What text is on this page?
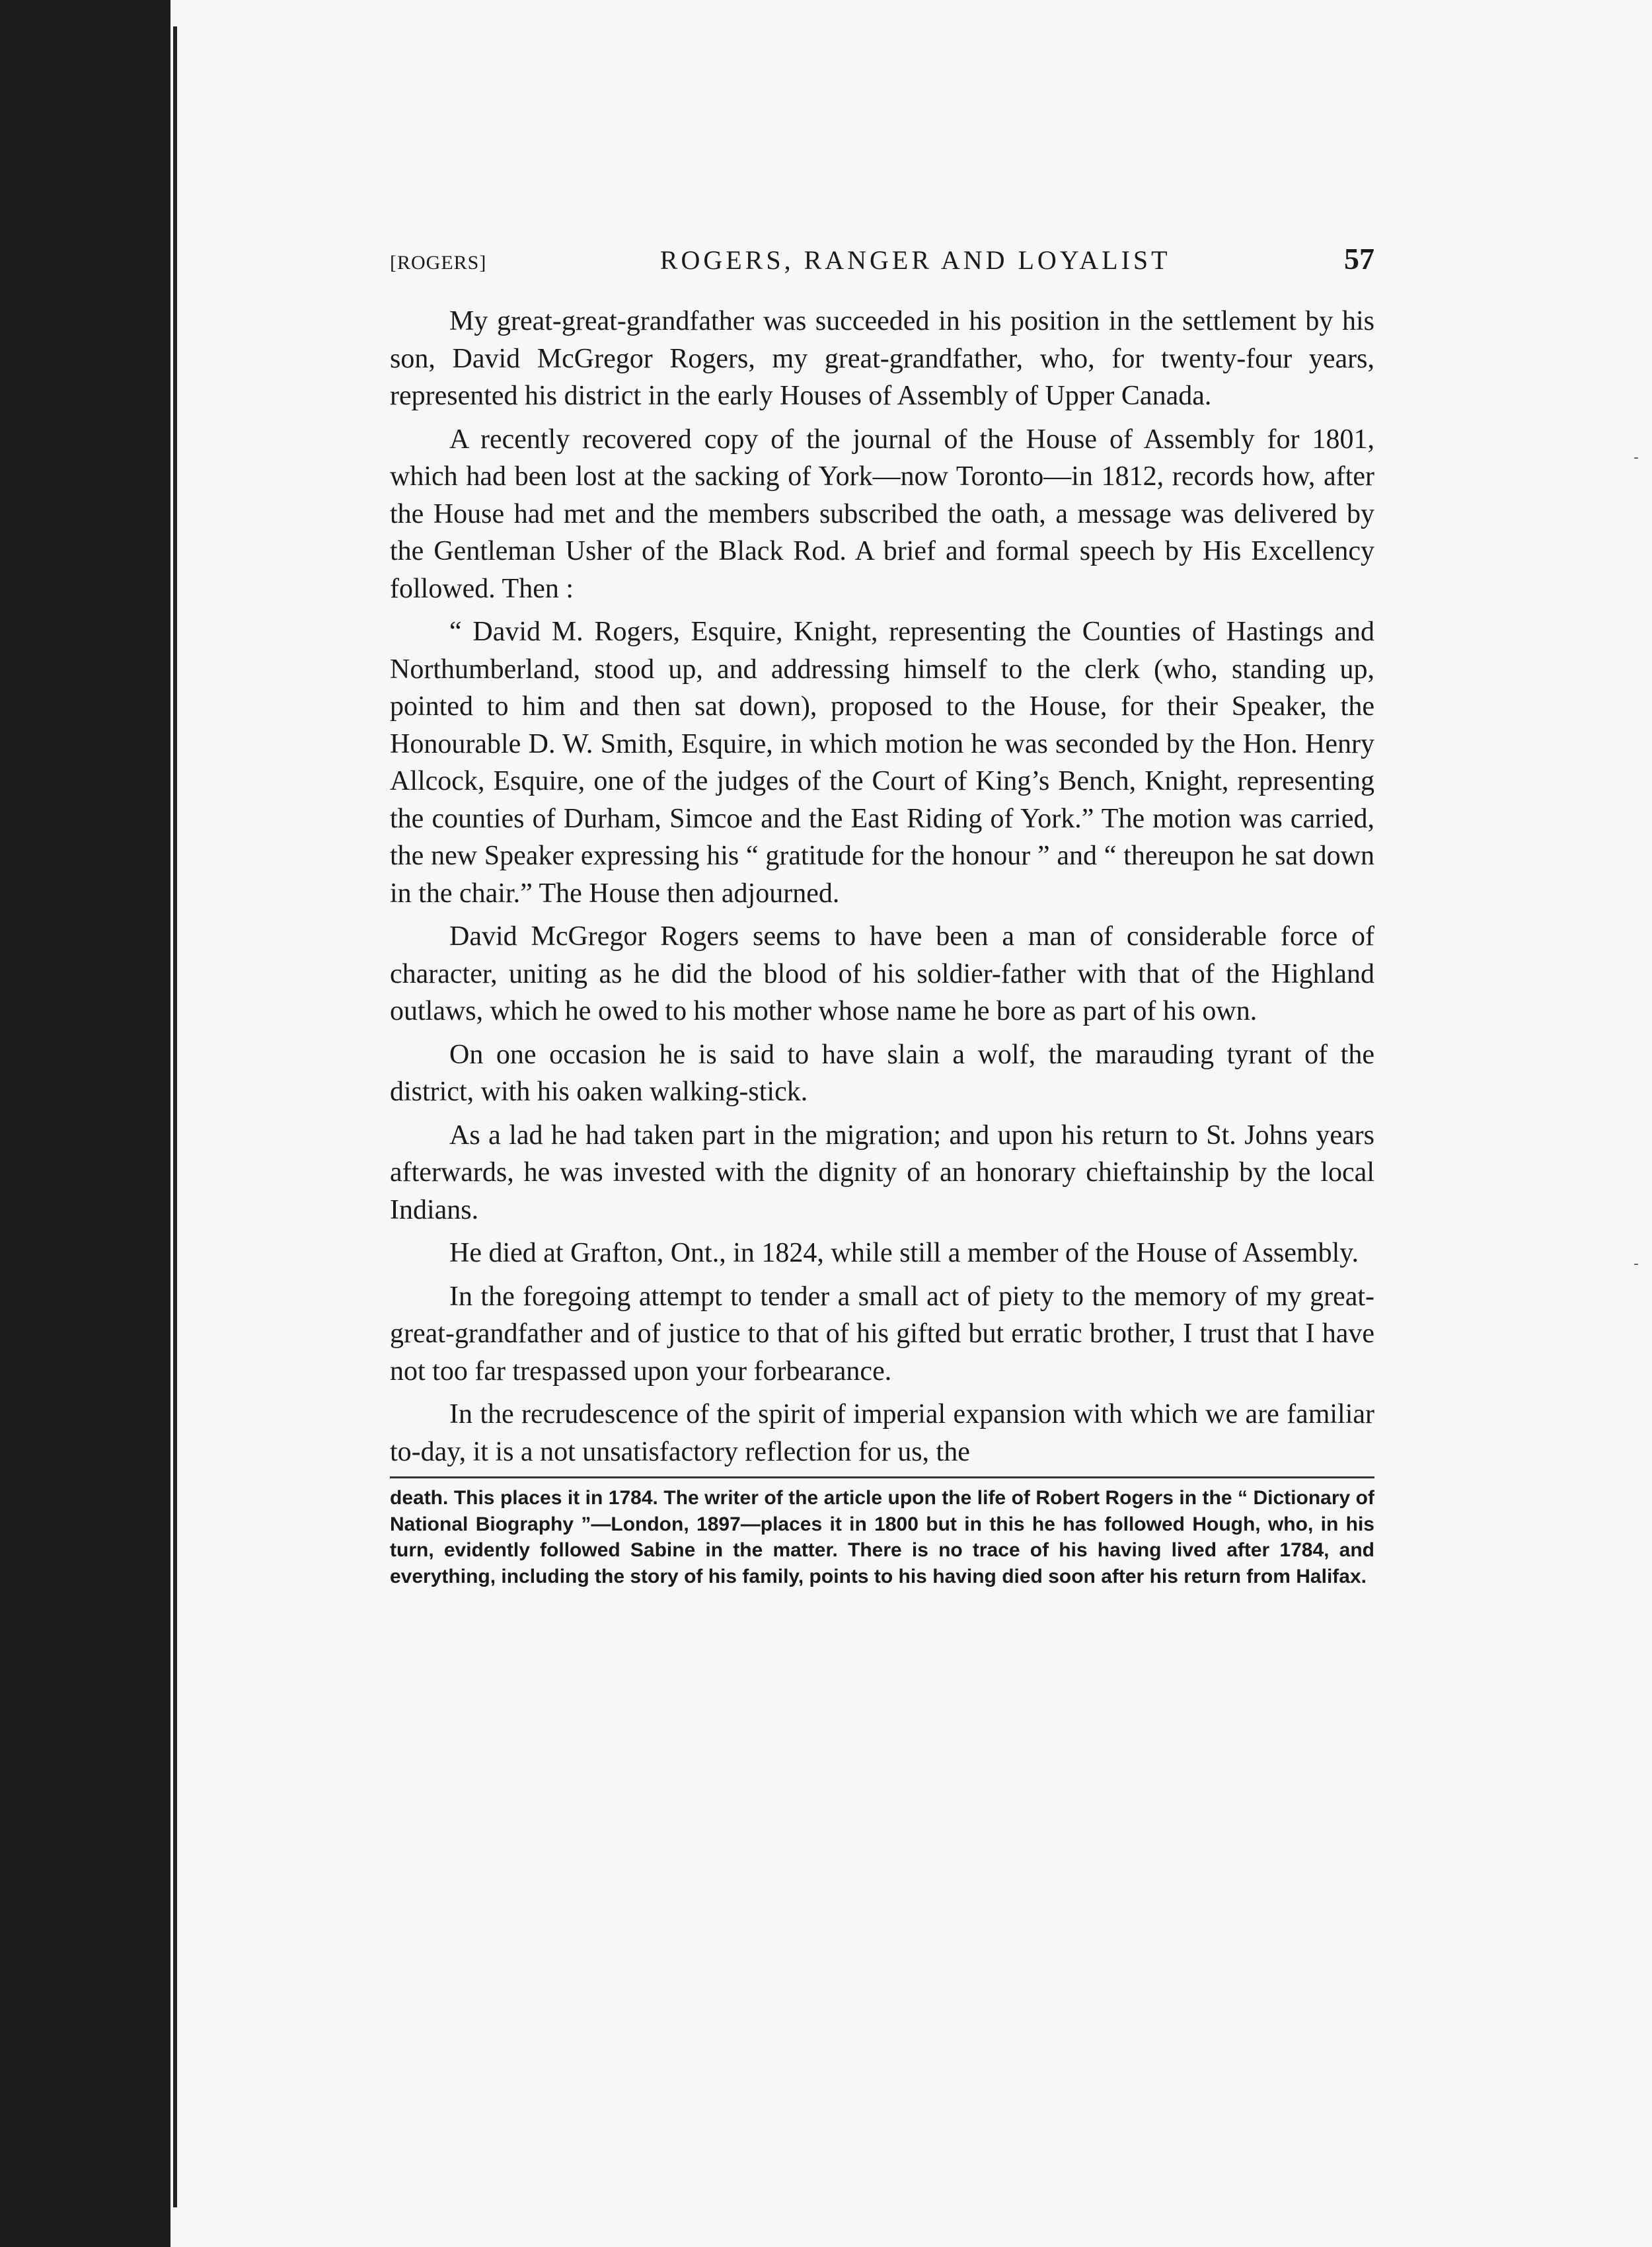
-
-
[ROGERS]	ROGERS, RANGER AND LOYALIST	57

My great-great-grandfather was succeeded in his position in the settlement by his son, David McGregor Rogers, my great-grandfather, who, for twenty-four years, represented his district in the early Houses of Assembly of Upper Canada.

A recently recovered copy of the journal of the House of Assembly for 1801, which had been lost at the sacking of York—now Toronto—in 1812, records how, after the House had met and the members subscribed the oath, a message was delivered by the Gentleman Usher of the Black Rod. A brief and formal speech by His Excellency followed. Then :

“ David M. Rogers, Esquire, Knight, representing the Counties of Hastings and Northumberland, stood up, and addressing himself to the clerk (who, standing up, pointed to him and then sat down), proposed to the House, for their Speaker, the Honourable D. W. Smith, Esquire, in which motion he was seconded by the Hon. Henry Allcock, Esquire, one of the judges of the Court of King’s Bench, Knight, representing the counties of Durham, Simcoe and the East Riding of York.” The motion was carried, the new Speaker expressing his “ gratitude for the honour ” and “ thereupon he sat down in the chair.” The House then adjourned.

David McGregor Rogers seems to have been a man of considerable force of character, uniting as he did the blood of his soldier-father with that of the Highland outlaws, which he owed to his mother whose name he bore as part of his own.

On one occasion he is said to have slain a wolf, the marauding tyrant of the district, with his oaken walking-stick.

As a lad he had taken part in the migration; and upon his return to St. Johns years afterwards, he was invested with the dignity of an honorary chieftainship by the local Indians.

He died at Grafton, Ont., in 1824, while still a member of the House of Assembly.

In the foregoing attempt to tender a small act of piety to the memory of my great-great-grandfather and of justice to that of his gifted but erratic brother, I trust that I have not too far trespassed upon your forbearance.

In the recrudescence of the spirit of imperial expansion with which we are familiar to-day, it is a not unsatisfactory reflection for us, the

death. This places it in 1784. The writer of the article upon the life of Robert Rogers in the “ Dictionary of National Biography ”—London, 1897—places it in 1800 but in this he has followed Hough, who, in his turn, evidently followed Sabine in the matter. There is no trace of his having lived after 1784, and everything, including the story of his family, points to his having died soon after his return from Halifax.
